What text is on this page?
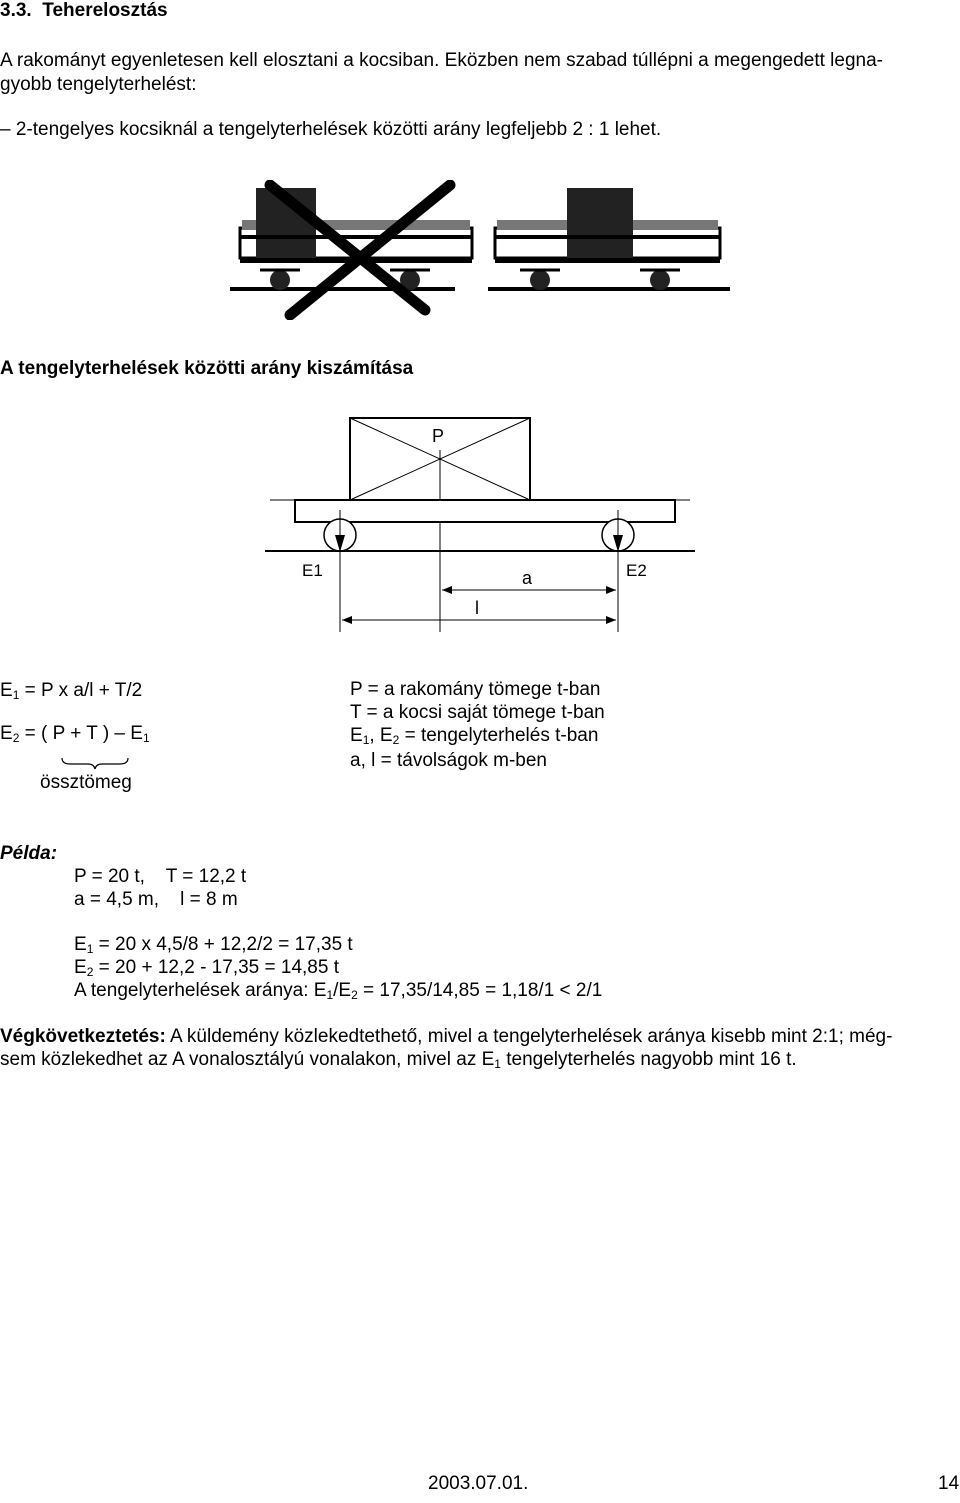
3.3. Teherelosztás
A rakományt egyenletesen kell elosztani a kocsiban. Eközben nem szabad túllépni a megengedett legna-
gyobb tengelyterhelést:
– 2-tengelyes kocsiknál a tengelyterhelések közötti arány legfeljebb 2 : 1 lehet.
A tengelyterhelések közötti arány kiszámítása
P
E1	E2
a
l
$E_1 = P$ x a/l + T/2
$E_2$ = ( P + T ) – $E_1$
össztömeg
P = a rakomány tömege t-ban
T = a kocsi saját tömege t-ban
$E_1$, $E_2$ = tengelyterhelés t-ban
a, l = távolságok m-ben
Példa:
P = 20 t,    T = 12,2 t
a = 4,5 m,    l = 8 m
$E_1 = 20$ x 4,5/8 + 12,2/2 = 17,35 t
$E_2 = 20 + 12,2 - 17,35 = 14,85$ t
A tengelyterhelések aránya: $E_1/E_2 = 17,35/14,85 = 1,18/1 < 2/1$
Végkövetkeztetés: A küldemény közlekedtethető, mivel a tengelyterhelések aránya kisebb mint 2:1; még-
sem közlekedhet az A vonalosztályú vonalakon, mivel az $E_1$ tengelyterhelés nagyobb mint 16 t.
2003.07.01.	14
